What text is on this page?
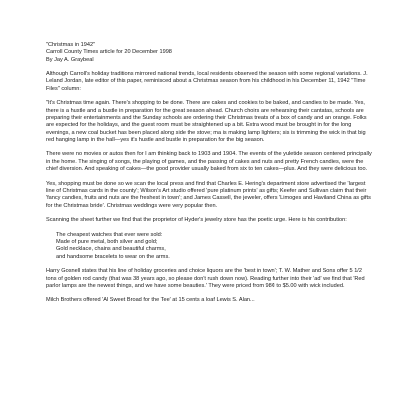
"Christmas in 1942"

Carroll County Times article for 20 December 1998

By Jay A. Graybeal

Although Carroll's holiday traditions mirrored national trends, local residents observed the season with some regional variations. J. Leland Jordan, late editor of this paper, reminisced about a Christmas season from his childhood in his December 11, 1942 "Time Files" column:

"It's Christmas time again. There's shopping to be done. There are cakes and cookies to be baked, and candies to be made. Yes, there is a hustle and a bustle in preparation for the great season ahead. Church choirs are rehearsing their cantatas, schools are preparing their entertainments and the Sunday schools are ordering their Christmas treats of a box of candy and an orange. Folks are expected for the holidays, and the guest room must be straightened up a bit. Extra wood must be brought in for the long evenings, a new coal bucket has been placed along side the stove; ma is making lamp lighters; sis is trimming the wick in that big red hanging lamp in the hall—yes it's hustle and bustle in preparation for the big season.

There were no movies or autos then for I am thinking back to 1903 and 1904. The events of the yuletide season centered principally in the home. The singing of songs, the playing of games, and the passing of cakes and nuts and pretty French candies, were the chief diversion. And speaking of cakes—the good provider usually baked from six to ten cakes—plus. And they were delicious too.

Yes, shopping must be done so we scan the local press and find that Charles E. Hering's department store advertised the 'largest line of Christmas cards in the county'; Wilson's Art studio offered 'pure platinum prints' as gifts; Keefer and Sullivan claim that their 'fancy candies, fruits and nuts are the freshest in town'; and James Cassell, the jeweler, offers 'Limoges and Haviland China as gifts for the Christmas bride'. Christmas weddings were very popular then.

Scanning the sheet further we find that the proprietor of Hyder's jewelry store has the poetic urge. Here is his contribution:

The cheapest watches that ever were sold:

Made of pure metal, both silver and gold;

Gold necklace, chains and beautiful charms,

and handsome bracelets to wear on the arms.

Harry Gosnell states that his line of holiday groceries and choice liquors are the 'best in town'; T. W. Mather and Sons offer 5 1/2 tons of golden rod candy (that was 38 years ago, so please don't rush down now). Reading further into their 'ad' we find that 'Red parlor lamps are the newest things, and we have some beauties.' They were priced from 98¢ to $5.00 with wick included.

Milch Brothers offered 'Al Sweet Broad for the Tee' at 15 cents a loaf Lewis S. Alan...
